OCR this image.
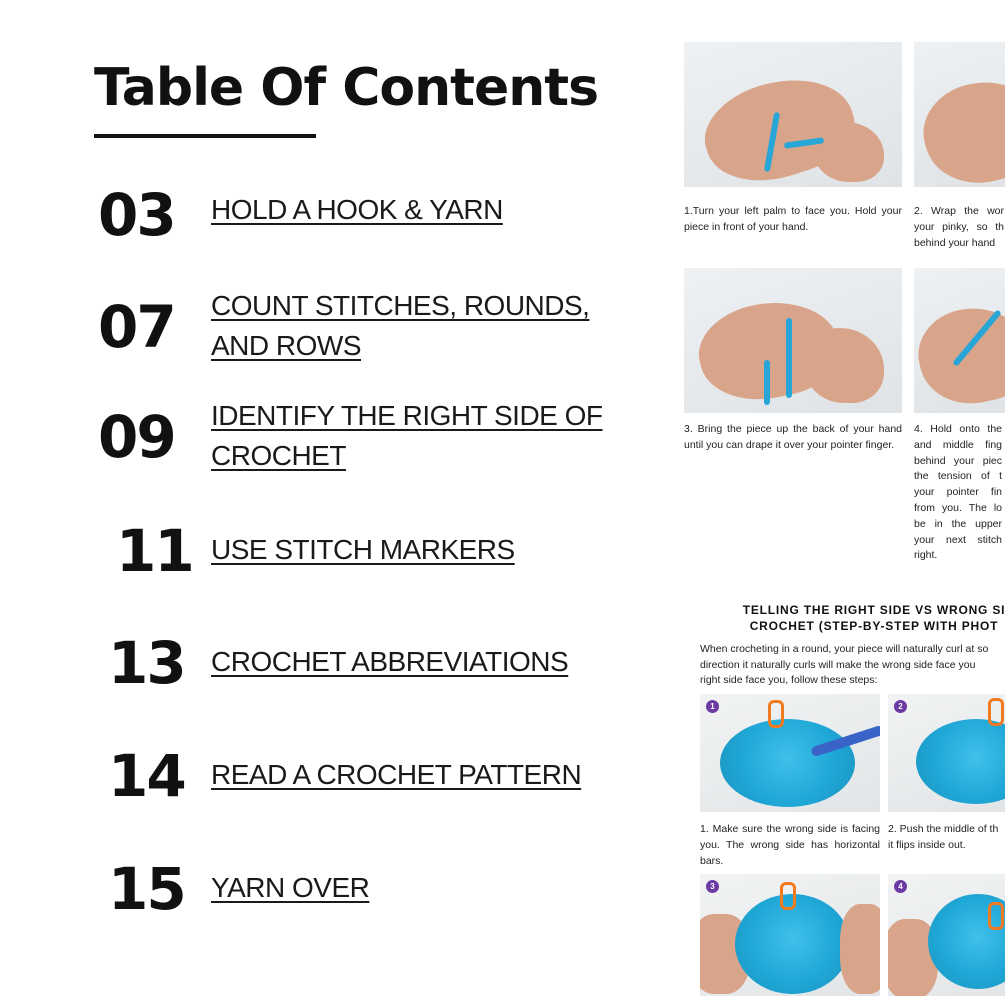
Table Of Contents
03	HOLD A HOOK & YARN
07	COUNT STITCHES, ROUNDS, AND ROWS
09	IDENTIFY THE RIGHT SIDE OF CROCHET
11 USE STITCH MARKERS
13 CROCHET ABBREVIATIONS
14 READ A CROCHET PATTERN
15 YARN OVER
1.Turn your left palm to face you. Hold your piece in front of your hand.
2. Wrap the wor your pinky, so th behind your hand
3. Bring the piece up the back of your hand until you can drape it over your pointer finger.
4. Hold onto the and middle fing behind your piec the tension of t your pointer fin from you. The lo be in the upper your next stitch right.
TELLING THE RIGHT SIDE VS WRONG SI
CROCHET (STEP-BY-STEP WITH PHOT
When crocheting in a round, your piece will naturally curl at so
direction it naturally curls will make the wrong side face you
right side face you, follow these steps:
1	2
1. Make sure the wrong side is facing you. The wrong side has horizontal bars.
2. Push the middle of th it flips inside out.
3	4
